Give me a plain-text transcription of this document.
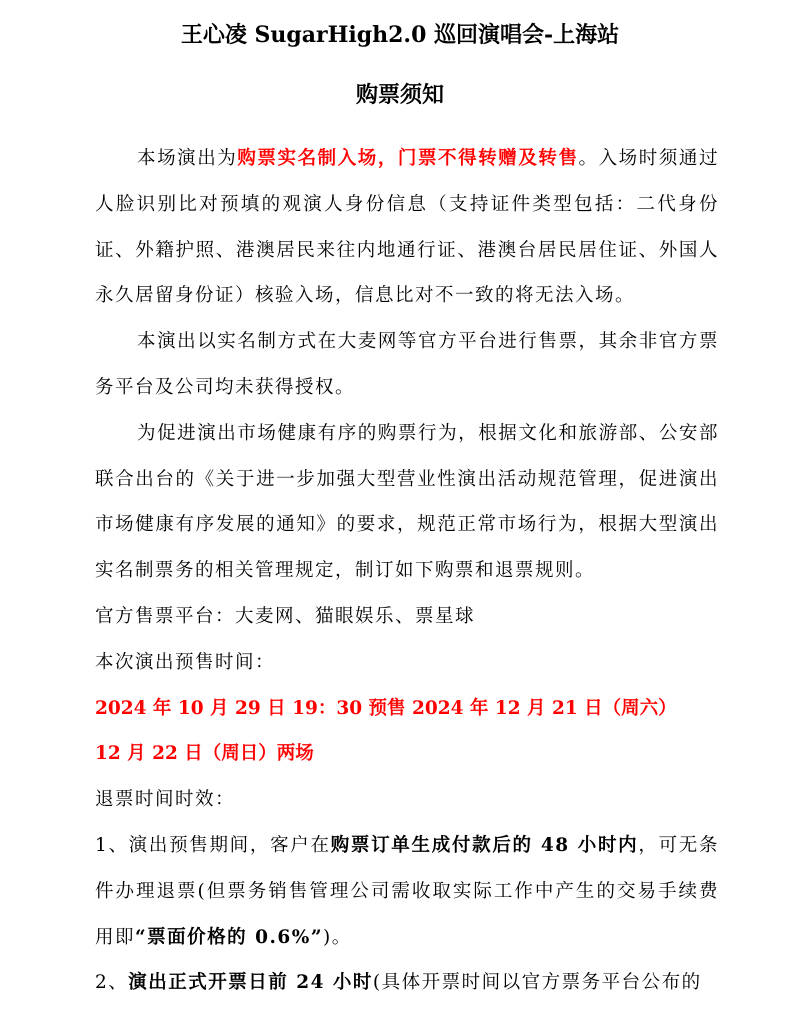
王心凌 SugarHigh2.0 巡回演唱会-上海站
购票须知

本场演出为购票实名制入场，门票不得转赠及转售。入场时须通过人脸识别比对预填的观演人身份信息（支持证件类型包括：二代身份证、外籍护照、港澳居民来往内地通行证、港澳台居民居住证、外国人永久居留身份证）核验入场，信息比对不一致的将无法入场。

本演出以实名制方式在大麦网等官方平台进行售票，其余非官方票务平台及公司均未获得授权。

为促进演出市场健康有序的购票行为，根据文化和旅游部、公安部联合出台的《关于进一步加强大型营业性演出活动规范管理，促进演出市场健康有序发展的通知》的要求，规范正常市场行为，根据大型演出实名制票务的相关管理规定，制订如下购票和退票规则。

官方售票平台：大麦网、猫眼娱乐、票星球

本次演出预售时间：

2024 年 10 月 29 日 19：30 预售 2024 年 12 月 21 日（周六）

12 月 22 日（周日）两场

退票时间时效：

1、演出预售期间，客户在购票订单生成付款后的 48 小时内，可无条件办理退票(但票务销售管理公司需收取实际工作中产生的交易手续费用即“票面价格的 0.6%”)。

2、演出正式开票日前 24 小时(具体开票时间以官方票务平台公布的
